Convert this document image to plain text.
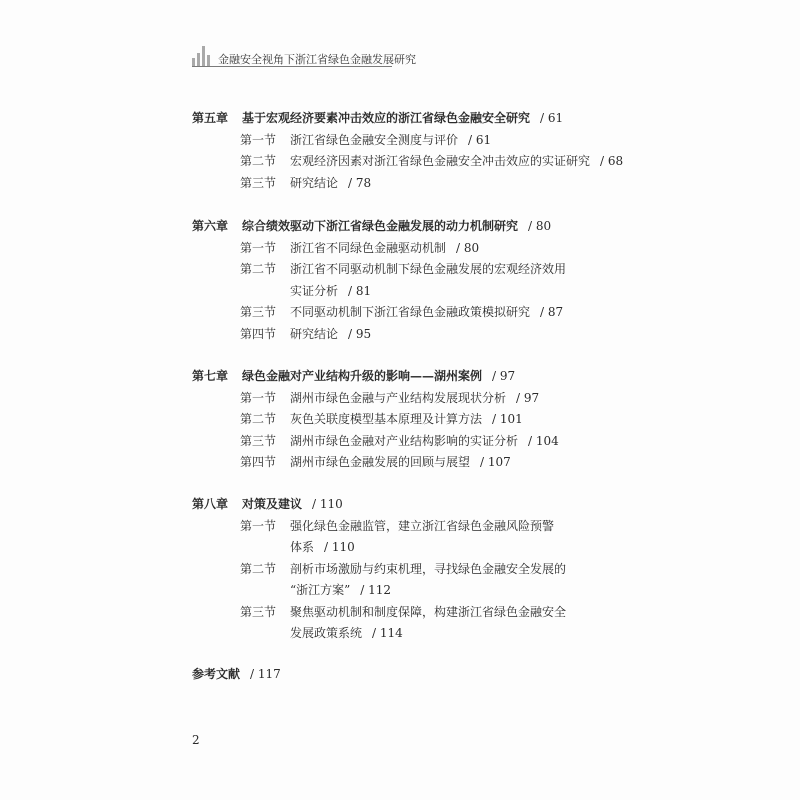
金融安全视角下浙江省绿色金融发展研究
第五章 基于宏观经济要素冲击效应的浙江省绿色金融安全研究 / 61
第一节 浙江省绿色金融安全测度与评价 / 61
第二节 宏观经济因素对浙江省绿色金融安全冲击效应的实证研究 / 68
第三节 研究结论 / 78
第六章 综合绩效驱动下浙江省绿色金融发展的动力机制研究 / 80
第一节 浙江省不同绿色金融驱动机制 / 80
第二节 浙江省不同驱动机制下绿色金融发展的宏观经济效用
实证分析 / 81
第三节 不同驱动机制下浙江省绿色金融政策模拟研究 / 87
第四节 研究结论 / 95
第七章 绿色金融对产业结构升级的影响——湖州案例 / 97
第一节 湖州市绿色金融与产业结构发展现状分析 / 97
第二节 灰色关联度模型基本原理及计算方法 / 101
第三节 湖州市绿色金融对产业结构影响的实证分析 / 104
第四节 湖州市绿色金融发展的回顾与展望 / 107
第八章 对策及建议 / 110
第一节 强化绿色金融监管，建立浙江省绿色金融风险预警
体系 / 110
第二节 剖析市场激励与约束机理，寻找绿色金融安全发展的
“浙江方案” / 112
第三节 聚焦驱动机制和制度保障，构建浙江省绿色金融安全
发展政策系统 / 114
参考文献 / 117
2
